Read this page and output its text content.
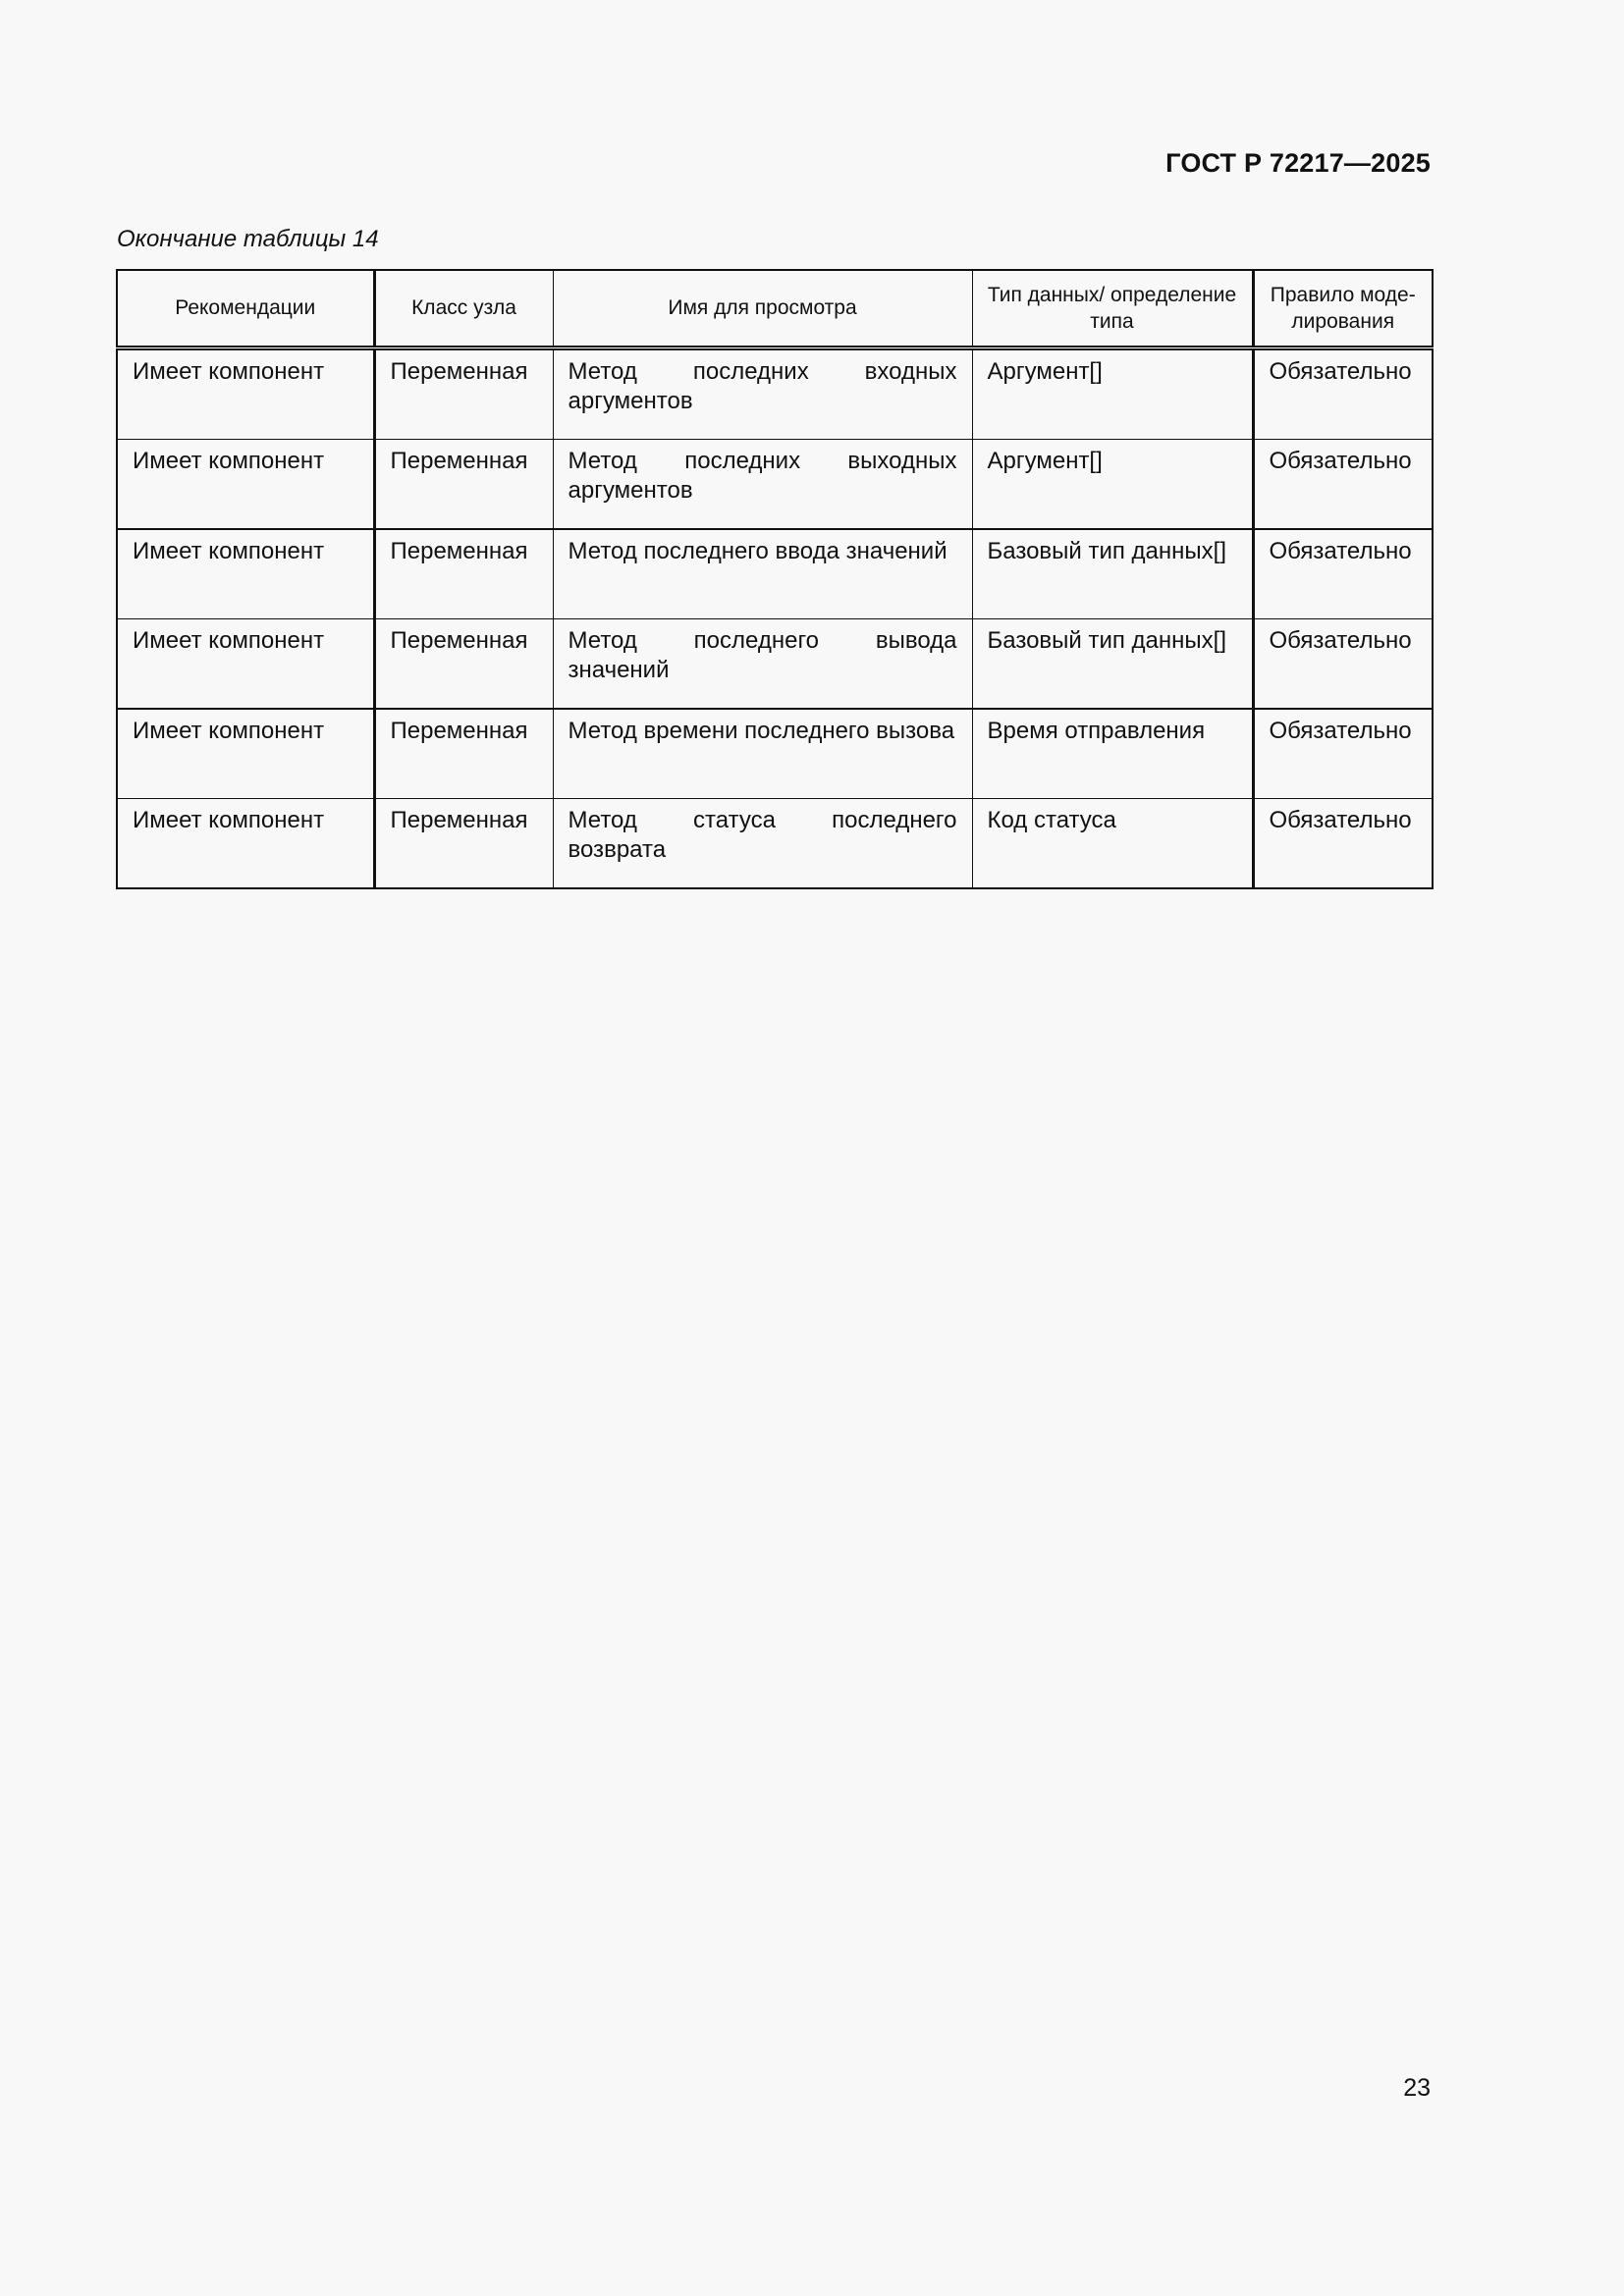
ГОСТ Р 72217—2025
Окончание таблицы 14
Рекомендации	Класс узла	Имя для просмотра	Тип данных/ определение типа	Правило моде- лирования
Имеет компонент	Переменная	Метод последних входных аргументов	Аргумент[]	Обязательно
Имеет компонент	Переменная	Метод последних выходных аргументов	Аргумент[]	Обязательно
Имеет компонент	Переменная	Метод последнего ввода значений	Базовый тип данных[]	Обязательно
Имеет компонент	Переменная	Метод последнего вывода значений	Базовый тип данных[]	Обязательно
Имеет компонент	Переменная	Метод времени последнего вызова	Время отправления	Обязательно
Имеет компонент	Переменная	Метод статуса последнего возврата	Код статуса	Обязательно
23
